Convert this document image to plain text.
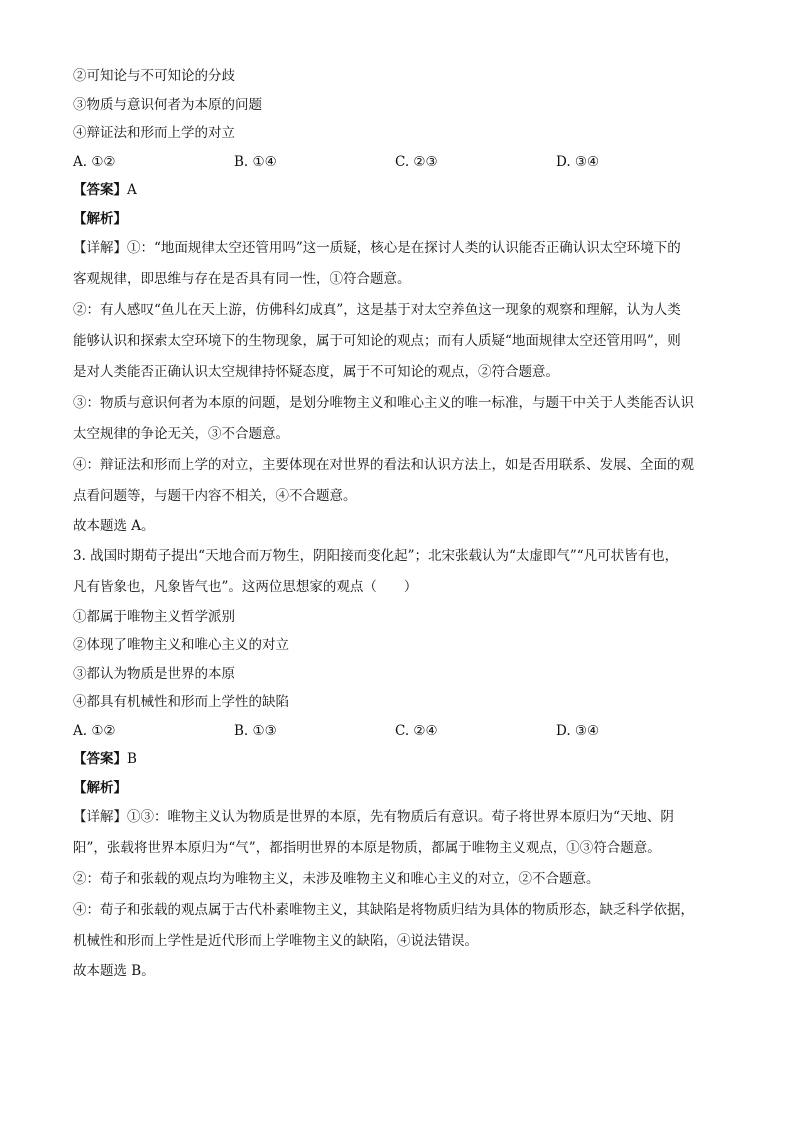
②可知论与不可知论的分歧
③物质与意识何者为本原的问题
④辩证法和形而上学的对立
A. ①②	B. ①④	C. ②③	D. ③④
【答案】A
【解析】
【详解】①：“地面规律太空还管用吗”这一质疑，核心是在探讨人类的认识能否正确认识太空环境下的
客观规律，即思维与存在是否具有同一性，①符合题意。
②：有人感叹“鱼儿在天上游，仿佛科幻成真”，这是基于对太空养鱼这一现象的观察和理解，认为人类
能够认识和探索太空环境下的生物现象，属于可知论的观点；而有人质疑“地面规律太空还管用吗”，则
是对人类能否正确认识太空规律持怀疑态度，属于不可知论的观点，②符合题意。
③：物质与意识何者为本原的问题，是划分唯物主义和唯心主义的唯一标准，与题干中关于人类能否认识
太空规律的争论无关，③不合题意。
④：辩证法和形而上学的对立，主要体现在对世界的看法和认识方法上，如是否用联系、发展、全面的观
点看问题等，与题干内容不相关，④不合题意。
故本题选 A。
3. 战国时期荀子提出“天地合而万物生，阴阳接而变化起”；北宋张载认为“太虚即气”“凡可状皆有也，
凡有皆象也，凡象皆气也”。这两位思想家的观点（　　）
①都属于唯物主义哲学派别
②体现了唯物主义和唯心主义的对立
③都认为物质是世界的本原
④都具有机械性和形而上学性的缺陷
A. ①②	B. ①③	C. ②④	D. ③④
【答案】B
【解析】
【详解】①③：唯物主义认为物质是世界的本原，先有物质后有意识。荀子将世界本原归为“天地、阴
阳”，张载将世界本原归为“气”，都指明世界的本原是物质，都属于唯物主义观点，①③符合题意。
②：荀子和张载的观点均为唯物主义，未涉及唯物主义和唯心主义的对立，②不合题意。
④：荀子和张载的观点属于古代朴素唯物主义，其缺陷是将物质归结为具体的物质形态，缺乏科学依据，
机械性和形而上学性是近代形而上学唯物主义的缺陷，④说法错误。
故本题选 B。
